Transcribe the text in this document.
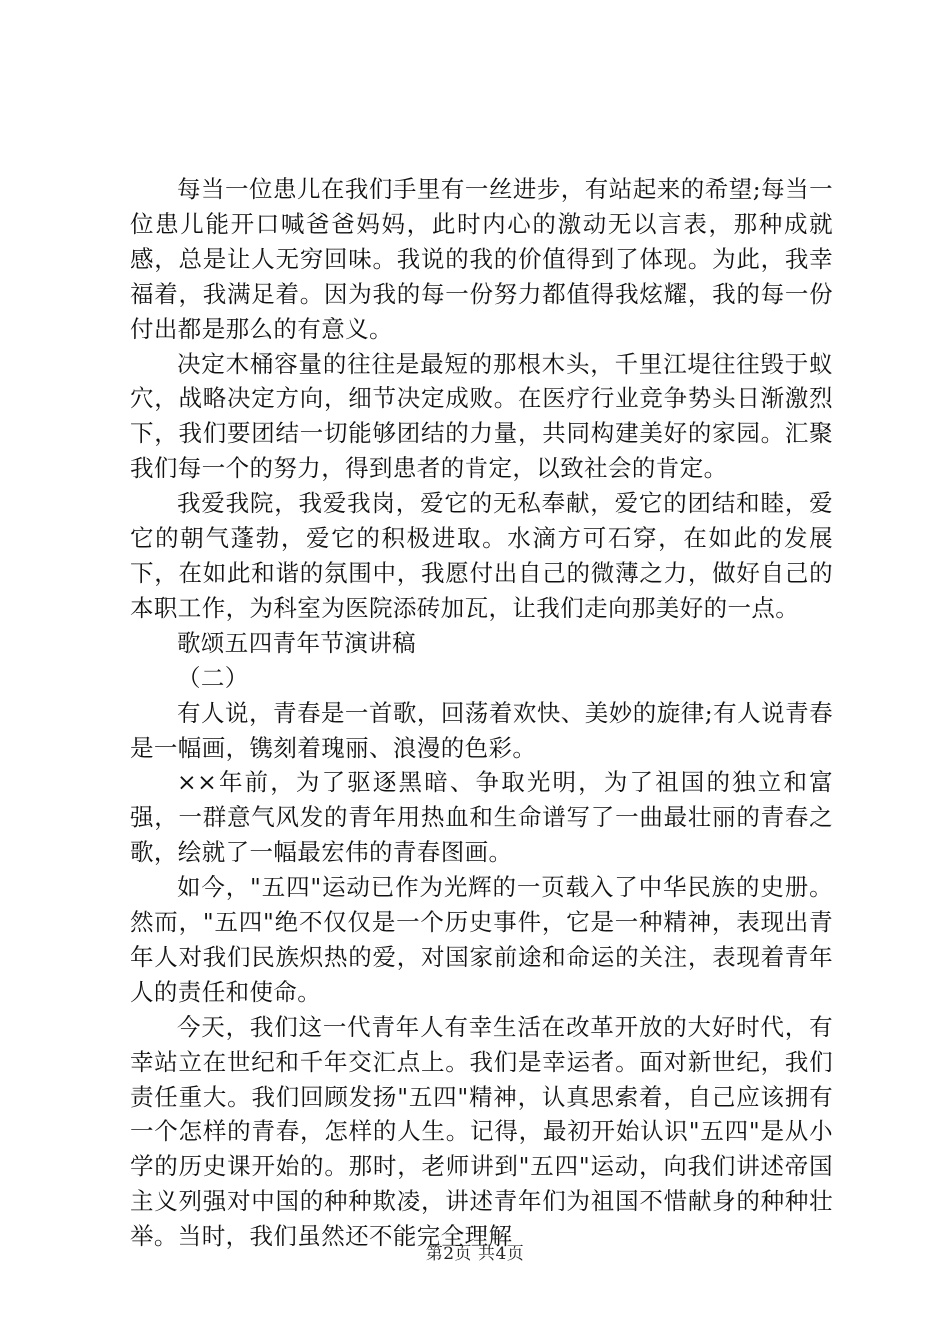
每当一位患儿在我们手里有一丝进步，有站起来的希望;每当一位患儿能开口喊爸爸妈妈，此时内心的激动无以言表，那种成就感，总是让人无穷回味。我说的我的价值得到了体现。为此，我幸福着，我满足着。因为我的每一份努力都值得我炫耀，我的每一份付出都是那么的有意义。

决定木桶容量的往往是最短的那根木头，千里江堤往往毁于蚁穴，战略决定方向，细节决定成败。在医疗行业竞争势头日渐激烈下，我们要团结一切能够团结的力量，共同构建美好的家园。汇聚我们每一个的努力，得到患者的肯定，以致社会的肯定。

我爱我院，我爱我岗，爱它的无私奉献，爱它的团结和睦，爱它的朝气蓬勃，爱它的积极进取。水滴方可石穿，在如此的发展下，在如此和谐的氛围中，我愿付出自己的微薄之力，做好自己的本职工作，为科室为医院添砖加瓦，让我们走向那美好的一点。

歌颂五四青年节演讲稿

（二）

有人说，青春是一首歌，回荡着欢快、美妙的旋律;有人说青春是一幅画，镌刻着瑰丽、浪漫的色彩。

××年前，为了驱逐黑暗、争取光明，为了祖国的独立和富强，一群意气风发的青年用热血和生命谱写了一曲最壮丽的青春之歌，绘就了一幅最宏伟的青春图画。

如今，"五四"运动已作为光辉的一页载入了中华民族的史册。然而，"五四"绝不仅仅是一个历史事件，它是一种精神，表现出青年人对我们民族炽热的爱，对国家前途和命运的关注，表现着青年人的责任和使命。

今天，我们这一代青年人有幸生活在改革开放的大好时代，有幸站立在世纪和千年交汇点上。我们是幸运者。面对新世纪，我们责任重大。我们回顾发扬"五四"精神，认真思索着，自己应该拥有一个怎样的青春，怎样的人生。记得，最初开始认识"五四"是从小学的历史课开始的。那时，老师讲到"五四"运动，向我们讲述帝国主义列强对中国的种种欺凌，讲述青年们为祖国不惜献身的种种壮举。当时，我们虽然还不能完全理解

第2页 共4页
